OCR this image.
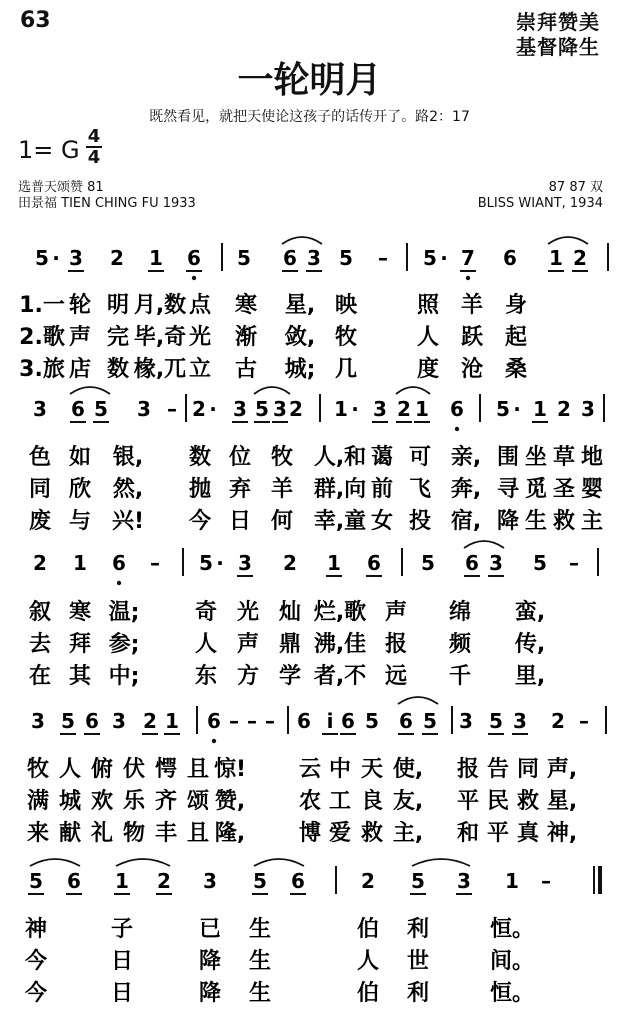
63	崇拜赞美
基督降生
一轮明月
既然看见，就把天使论这孩子的话传开了。路2：17
1= G 4
4
选普天颂赞 81
田景福 TIEN CHING FU 1933
87 87 双
BLISS WIANT, 1934
5 · 3 2 1 6 5 6 3 5 – 5 · 7 6 1 2
1.一 轮 明 月,数 点 寒 星, 映	照 羊 身
2.歌 声 完 毕,奇 光 渐 敛, 牧	人 跃 起
3.旅 店 数 椽,兀 立 古 城; 几	度 沧 桑
3 6 5 3 – 2 · 3 5 3 2 1 · 3 2 1 6 5 · 1 2 3
色 如 银, 数 位 牧 人,和 蔼 可 亲, 围 坐 草 地
同 欣 然, 抛 弃 羊 群,向 前 飞 奔, 寻 觅 圣 婴
废 与 兴! 今 日 何 幸,童 女 投 宿, 降 生 救 主
2 1 6 – 5 · 3 2 1 6 5 6 3 5 –
叙 寒 温;	奇 光 灿 烂,歌 声 绵 蛮,
去 拜 参;	人 声 鼎 沸,佳 报 频 传,
在 其 中;	东 方 学 者,不 远 千 里,
3 5 6 3 2 1 6 – – – 6 i 6 5 6 5 3 5 3 2 –
牧 人 俯 伏 愕 且 惊! 云 中 天 使, 报 告 同 声,
满 城 欢 乐 齐 颂 赞, 农 工 良 友, 平 民 救 星,
来 献 礼 物 丰 且 隆, 博 爱 救 主, 和 平 真 神,
5 6 1 2 3 5 6	2 5 3 1 –
神	子	已 生	伯 利	恒。
今	日	降 生	人 世	间。
今	日	降 生	伯 利	恒。
